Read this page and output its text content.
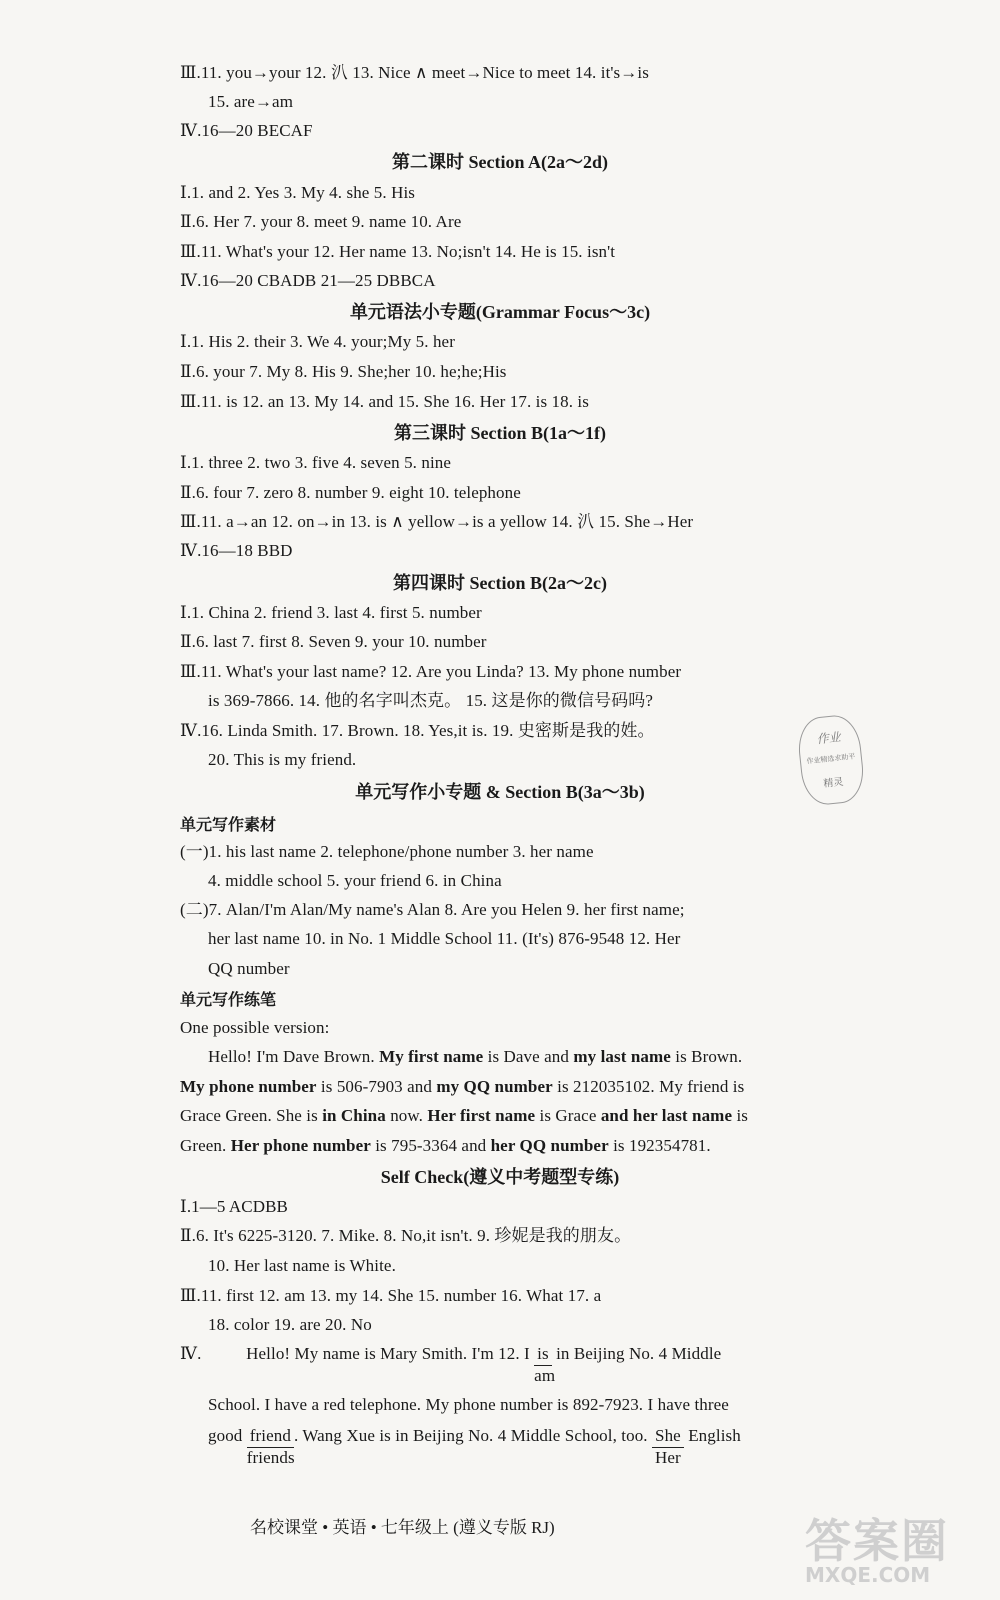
Ⅲ.11. you→your 12. 汃 13. Nice ∧ meet→Nice to meet 14. it's→is
15. are→am
Ⅳ.16—20 BECAF
第二课时 Section A(2a～2d)
Ⅰ.1. and 2. Yes 3. My 4. she 5. His
Ⅱ.6. Her 7. your 8. meet 9. name 10. Are
Ⅲ.11. What's your 12. Her name 13. No;isn't 14. He is 15. isn't
Ⅳ.16—20 CBADB 21—25 DBBCA
单元语法小专题(Grammar Focus～3c)
Ⅰ.1. His 2. their 3. We 4. your;My 5. her
Ⅱ.6. your 7. My 8. His 9. She;her 10. he;he;His
Ⅲ.11. is 12. an 13. My 14. and 15. She 16. Her 17. is 18. is
第三课时 Section B(1a～1f)
Ⅰ.1. three 2. two 3. five 4. seven 5. nine
Ⅱ.6. four 7. zero 8. number 9. eight 10. telephone
Ⅲ.11. a→an 12. on→in 13. is ∧ yellow→is a yellow 14. 汃 15. She→Her
Ⅳ.16—18 BBD
第四课时 Section B(2a～2c)
Ⅰ.1. China 2. friend 3. last 4. first 5. number
Ⅱ.6. last 7. first 8. Seven 9. your 10. number
Ⅲ.11. What's your last name? 12. Are you Linda? 13. My phone number
is 369-7866. 14. 他的名字叫杰克。 15. 这是你的微信号码吗?
Ⅳ.16. Linda Smith. 17. Brown. 18. Yes,it is. 19. 史密斯是我的姓。
20. This is my friend.
作业
作业精选求助平
精灵
单元写作小专题 & Section B(3a～3b)
单元写作素材
(一)1. his last name 2. telephone/phone number 3. her name
4. middle school 5. your friend 6. in China
(二)7. Alan/I'm Alan/My name's Alan 8. Are you Helen 9. her first name;
her last name 10. in No. 1 Middle School 11. (It's) 876-9548 12. Her
QQ number
单元写作练笔
One possible version:
Hello! I'm Dave Brown. My first name is Dave and my last name is Brown.
My phone number is 506-7903 and my QQ number is 212035102. My friend is
Grace Green. She is in China now. Her first name is Grace and her last name is
Green. Her phone number is 795-3364 and her QQ number is 192354781.
Self Check(遵义中考题型专练)
Ⅰ.1—5 ACDBB
Ⅱ.6. It's 6225-3120. 7. Mike. 8. No,it isn't. 9. 珍妮是我的朋友。
10. Her last name is White.
Ⅲ.11. first 12. am 13. my 14. She 15. number 16. What 17. a
18. color 19. are 20. No
Ⅳ.	Hello! My name is Mary Smith. I'm 12. I $\frac{is}{am}$ in Beijing No. 4 Middle
School. I have a red telephone. My phone number is 892-7923. I have three
good friend
friends
. Wang Xue is in Beijing No. 4 Middle School, too. She
Her
English
名校课堂 • 英语 • 七年级上 (遵义专版 RJ)	答案圈
MXQE.COM
